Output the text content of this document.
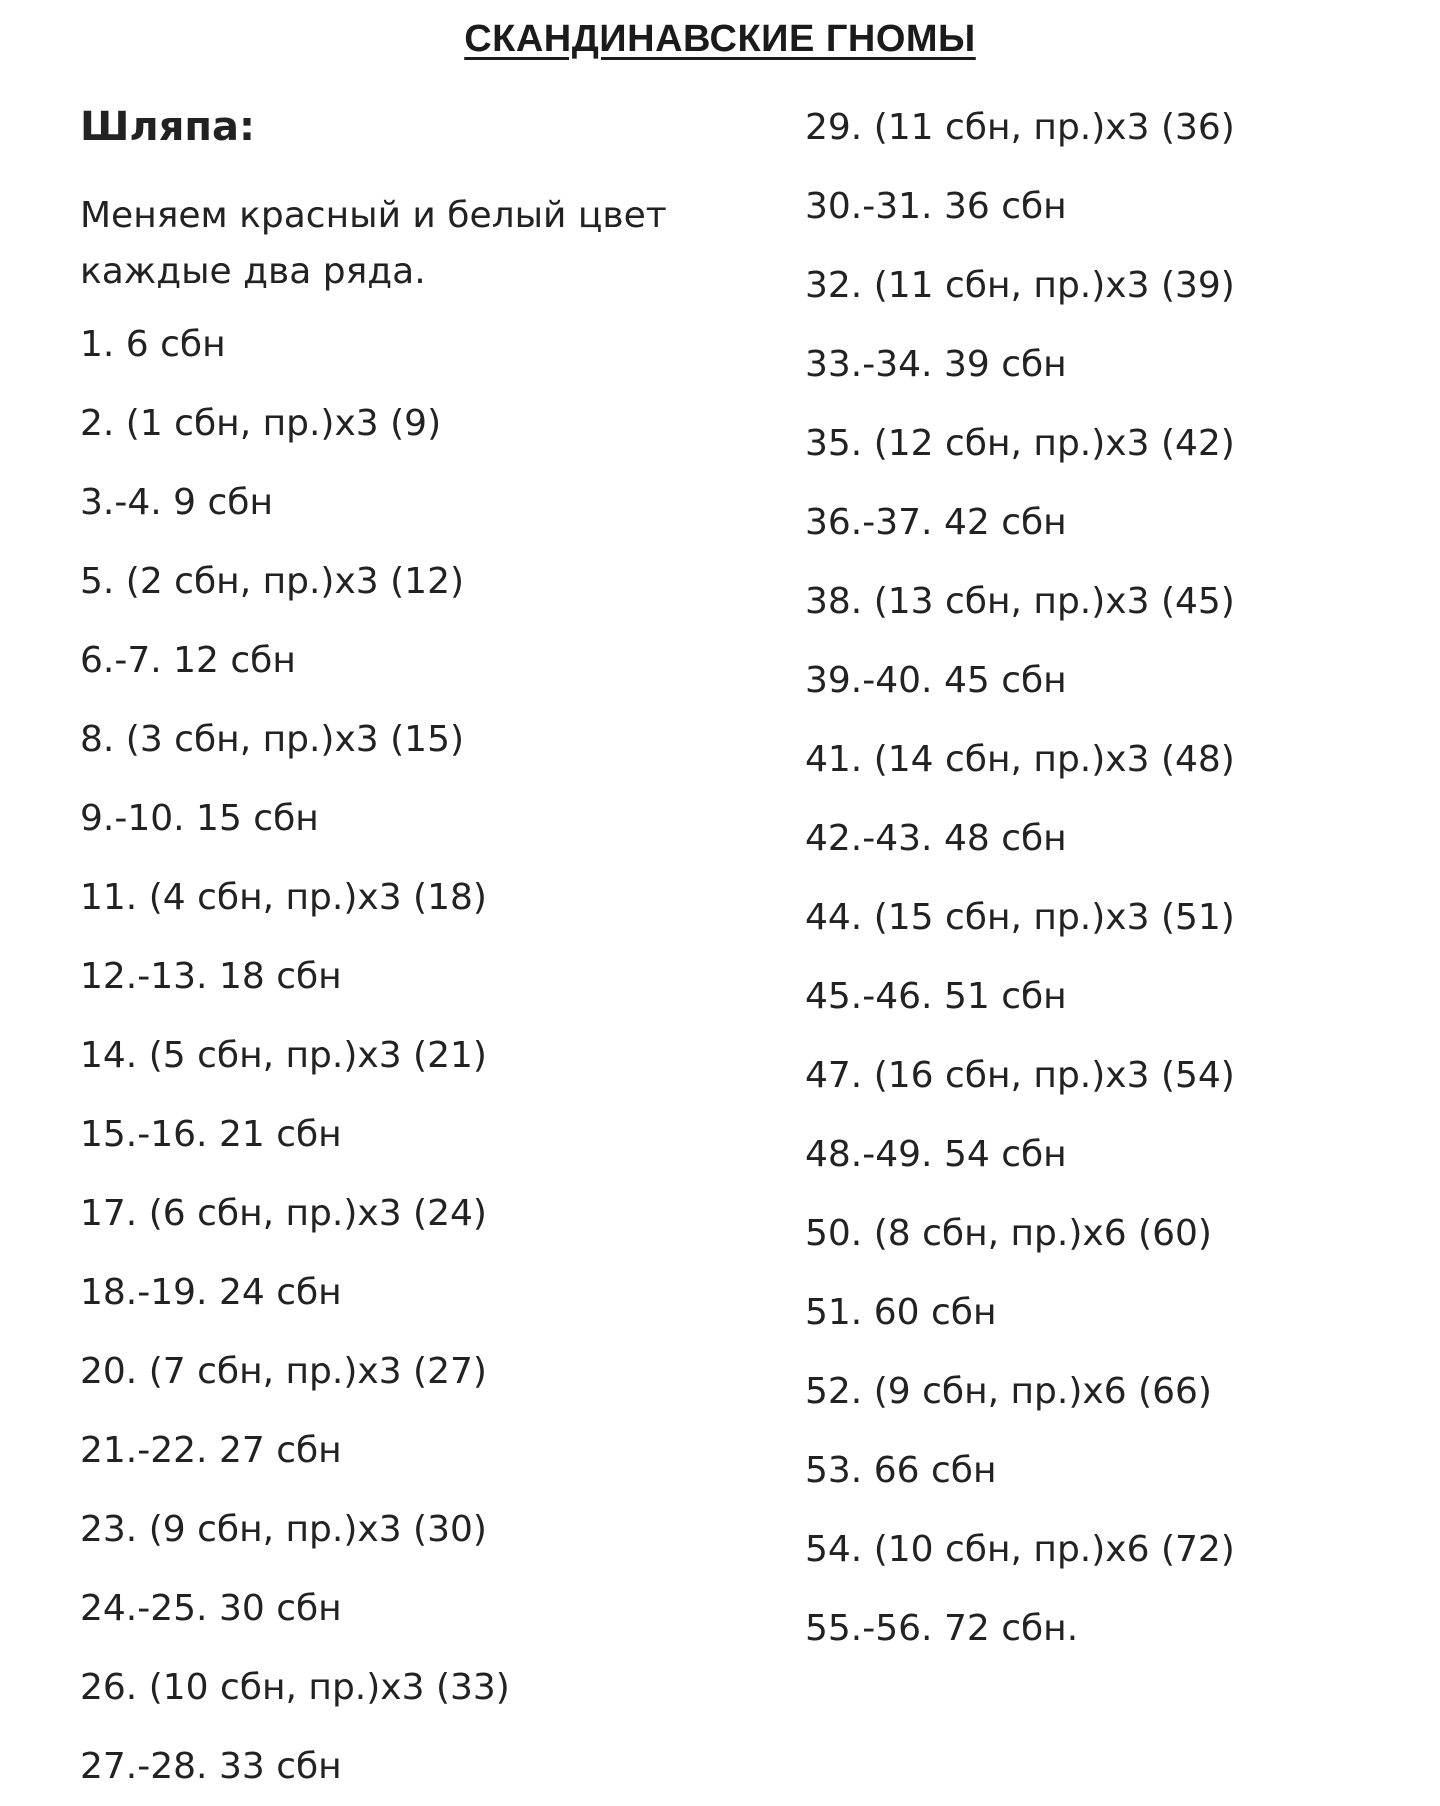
СКАНДИНАВСКИЕ ГНОМЫ
Шляпа:
Меняем красный и белый цвет каждые два ряда.
1. 6 сбн
2. (1 сбн, пр.)х3 (9)
3.-4. 9 сбн
5. (2 сбн, пр.)х3 (12)
6.-7. 12 сбн
8. (3 сбн, пр.)х3 (15)
9.-10. 15 сбн
11. (4 сбн, пр.)х3 (18)
12.-13. 18 сбн
14. (5 сбн, пр.)х3 (21)
15.-16. 21 сбн
17. (6 сбн, пр.)х3 (24)
18.-19. 24 сбн
20. (7 сбн, пр.)х3 (27)
21.-22. 27 сбн
23. (9 сбн, пр.)х3 (30)
24.-25. 30 сбн
26. (10 сбн, пр.)х3 (33)
27.-28. 33 сбн
29. (11 сбн, пр.)х3 (36)
30.-31. 36 сбн
32. (11 сбн, пр.)х3 (39)
33.-34. 39 сбн
35. (12 сбн, пр.)х3 (42)
36.-37. 42 сбн
38. (13 сбн, пр.)х3 (45)
39.-40. 45 сбн
41. (14 сбн, пр.)х3 (48)
42.-43. 48 сбн
44. (15 сбн, пр.)х3 (51)
45.-46. 51 сбн
47. (16 сбн, пр.)х3 (54)
48.-49. 54 сбн
50. (8 сбн, пр.)х6 (60)
51. 60 сбн
52. (9 сбн, пр.)х6 (66)
53. 66 сбн
54. (10 сбн, пр.)х6 (72)
55.-56. 72 сбн.
